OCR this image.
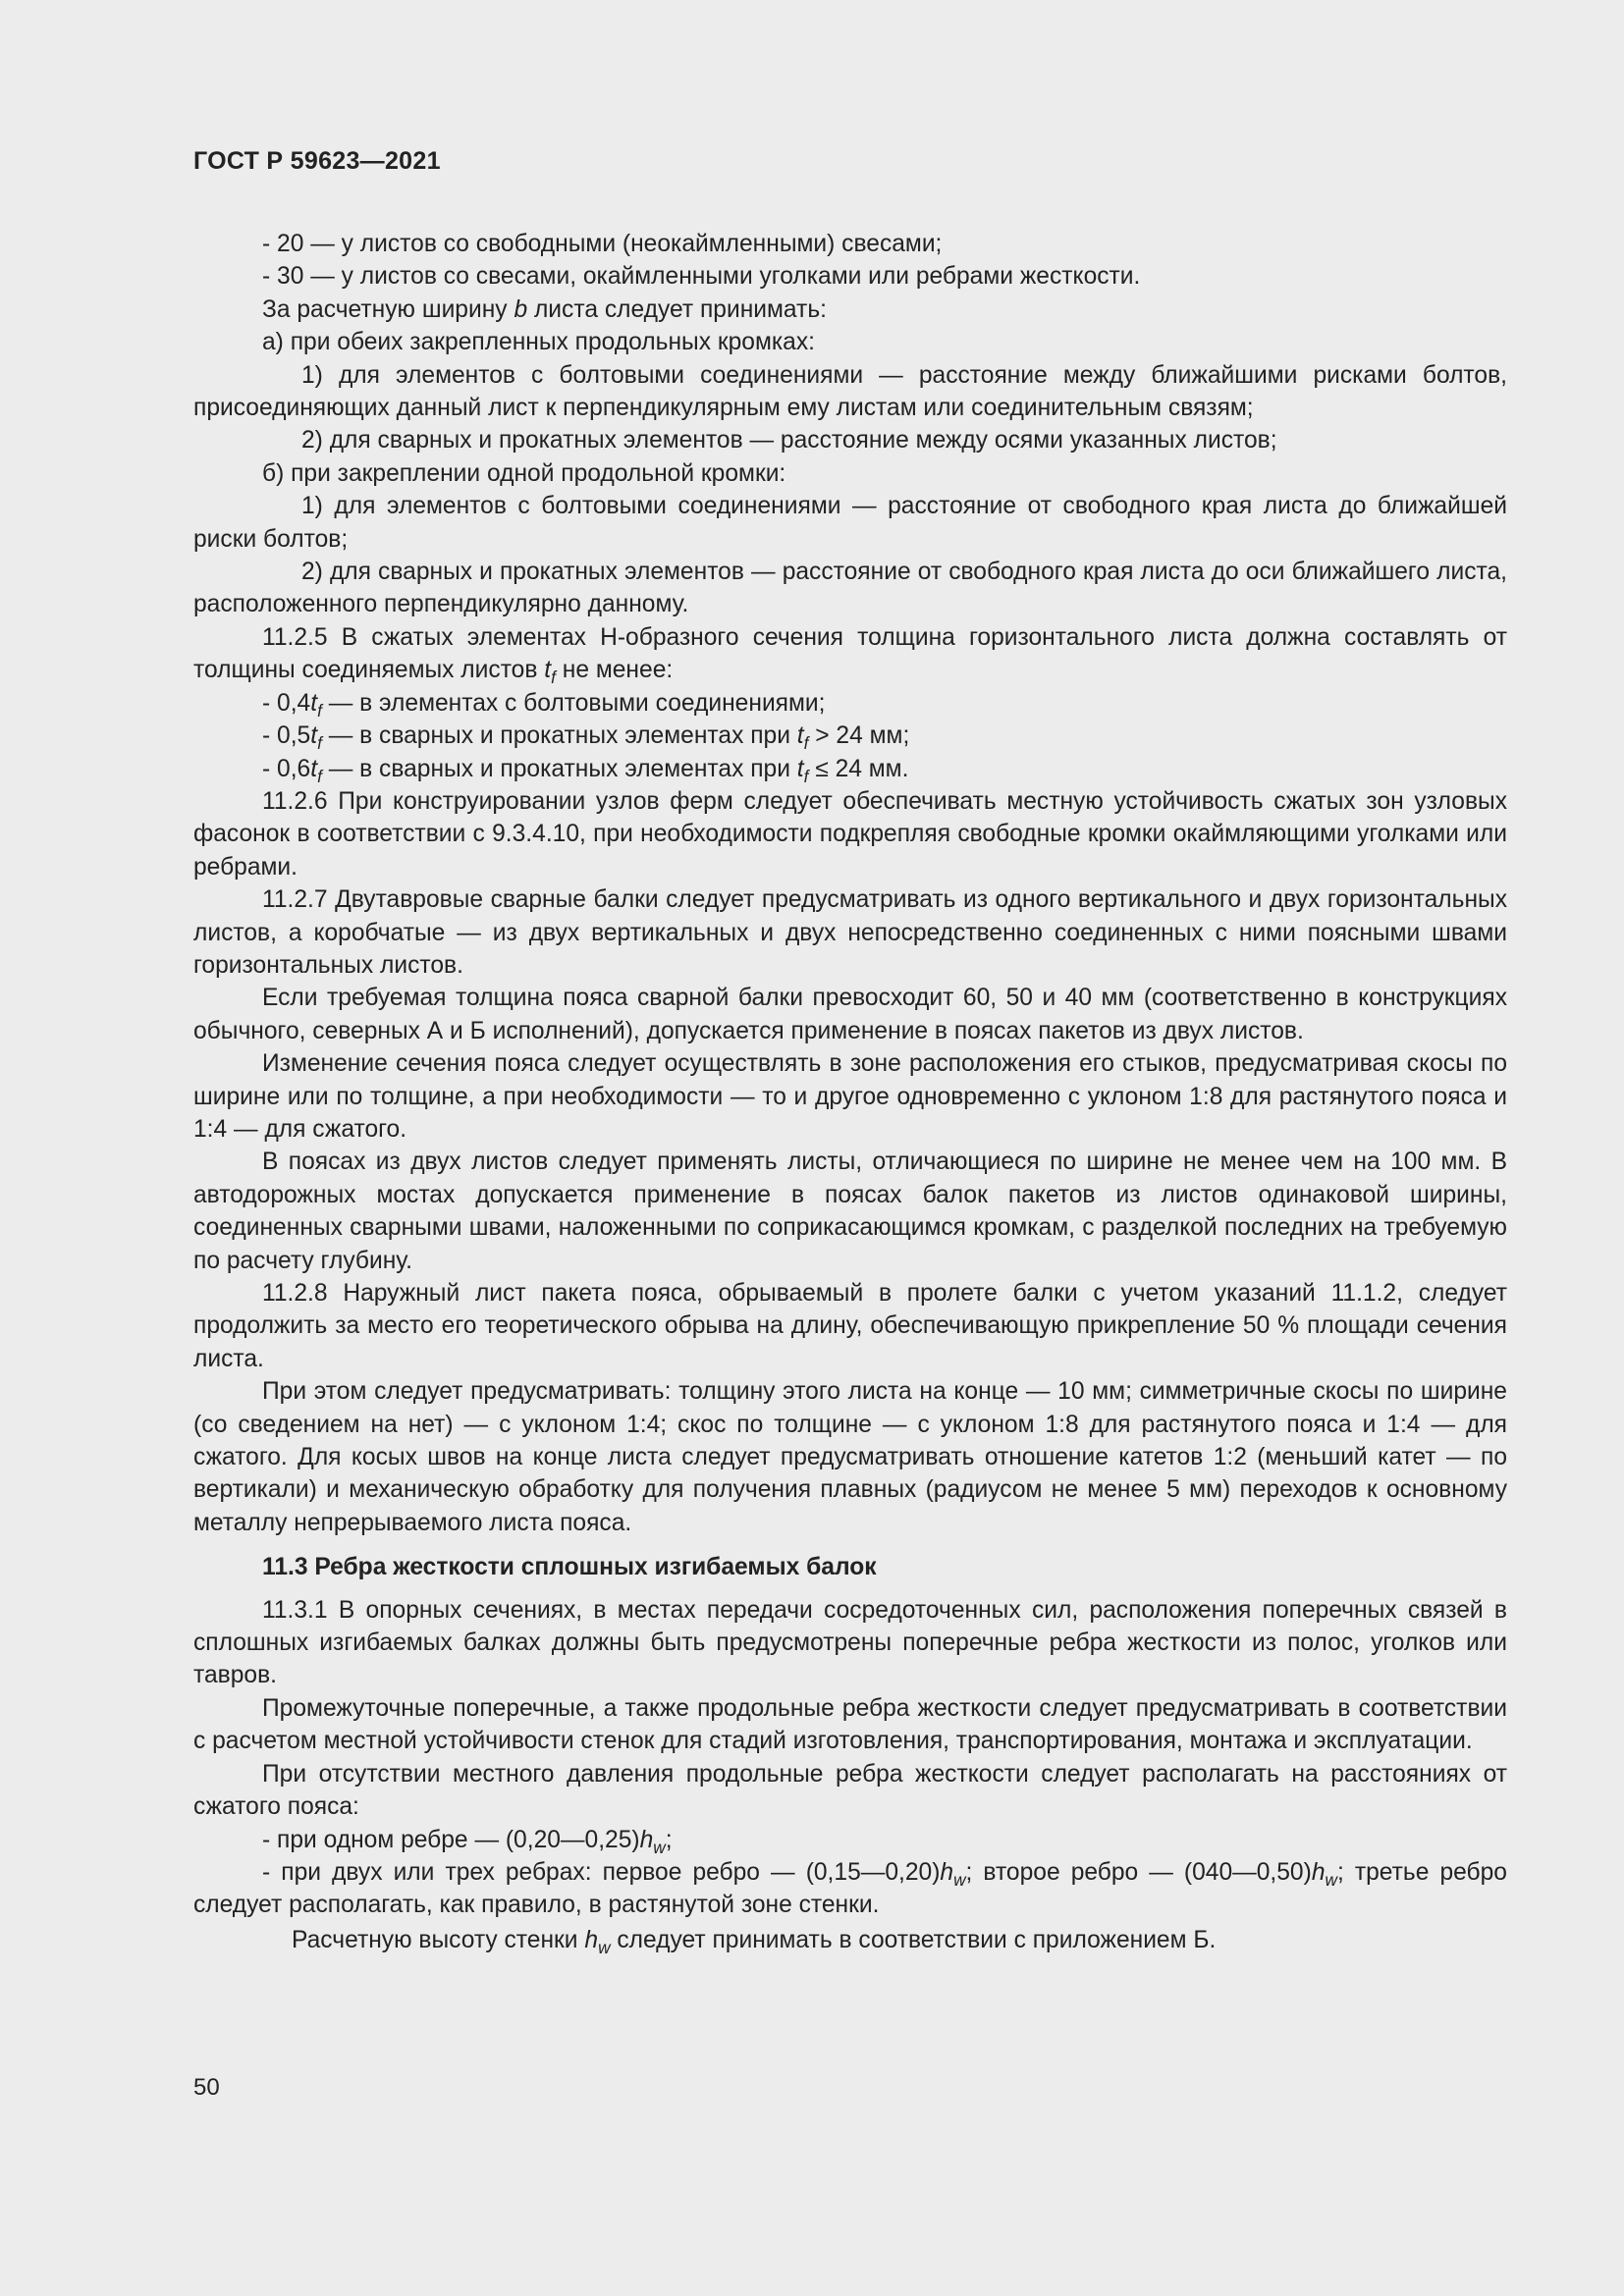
ГОСТ Р 59623—2021

- 20 — у листов со свободными (неокаймленными) свесами;

- 30 — у листов со свесами, окаймленными уголками или ребрами жесткости.

За расчетную ширину b листа следует принимать:

а) при обеих закрепленных продольных кромках:

1) для элементов с болтовыми соединениями — расстояние между ближайшими рисками болтов, присоединяющих данный лист к перпендикулярным ему листам или соединительным связям;

2) для сварных и прокатных элементов — расстояние между осями указанных листов;

б) при закреплении одной продольной кромки:

1) для элементов с болтовыми соединениями — расстояние от свободного края листа до ближайшей риски болтов;

2) для сварных и прокатных элементов — расстояние от свободного края листа до оси ближайшего листа, расположенного перпендикулярно данному.

11.2.5 В сжатых элементах Н-образного сечения толщина горизонтального листа должна составлять от толщины соединяемых листов $t_f$ не менее:

- $0,4t_f$ — в элементах с болтовыми соединениями;

- $0,5t_f$ — в сварных и прокатных элементах при $t_f > 24$ мм;

- $0,6t_f$ — в сварных и прокатных элементах при $t_f \le 24$ мм.

11.2.6 При конструировании узлов ферм следует обеспечивать местную устойчивость сжатых зон узловых фасонок в соответствии с 9.3.4.10, при необходимости подкрепляя свободные кромки окаймляющими уголками или ребрами.

11.2.7 Двутавровые сварные балки следует предусматривать из одного вертикального и двух горизонтальных листов, а коробчатые — из двух вертикальных и двух непосредственно соединенных с ними поясными швами горизонтальных листов.

Если требуемая толщина пояса сварной балки превосходит 60, 50 и 40 мм (соответственно в конструкциях обычного, северных А и Б исполнений), допускается применение в поясах пакетов из двух листов.

Изменение сечения пояса следует осуществлять в зоне расположения его стыков, предусматривая скосы по ширине или по толщине, а при необходимости — то и другое одновременно с уклоном 1:8 для растянутого пояса и 1:4 — для сжатого.

В поясах из двух листов следует применять листы, отличающиеся по ширине не менее чем на 100 мм. В автодорожных мостах допускается применение в поясах балок пакетов из листов одинаковой ширины, соединенных сварными швами, наложенными по соприкасающимся кромкам, с разделкой последних на требуемую по расчету глубину.

11.2.8 Наружный лист пакета пояса, обрываемый в пролете балки с учетом указаний 11.1.2, следует продолжить за место его теоретического обрыва на длину, обеспечивающую прикрепление 50 % площади сечения листа.

При этом следует предусматривать: толщину этого листа на конце — 10 мм; симметричные скосы по ширине (со сведением на нет) — с уклоном 1:4; скос по толщине — с уклоном 1:8 для растянутого пояса и 1:4 — для сжатого. Для косых швов на конце листа следует предусматривать отношение катетов 1:2 (меньший катет — по вертикали) и механическую обработку для получения плавных (радиусом не менее 5 мм) переходов к основному металлу непрерываемого листа пояса.

11.3 Ребра жесткости сплошных изгибаемых балок

11.3.1 В опорных сечениях, в местах передачи сосредоточенных сил, расположения поперечных связей в сплошных изгибаемых балках должны быть предусмотрены поперечные ребра жесткости из полос, уголков или тавров.

Промежуточные поперечные, а также продольные ребра жесткости следует предусматривать в соответствии с расчетом местной устойчивости стенок для стадий изготовления, транспортирования, монтажа и эксплуатации.

При отсутствии местного давления продольные ребра жесткости следует располагать на расстояниях от сжатого пояса:

- при одном ребре — $(0,20—0,25)h_w$;

- при двух или трех ребрах: первое ребро — $(0,15—0,20)h_w$; второе ребро — $(040—0,50)h_w$; третье ребро следует располагать, как правило, в растянутой зоне стенки.

Расчетную высоту стенки $h_w$ следует принимать в соответствии с приложением Б.

50
